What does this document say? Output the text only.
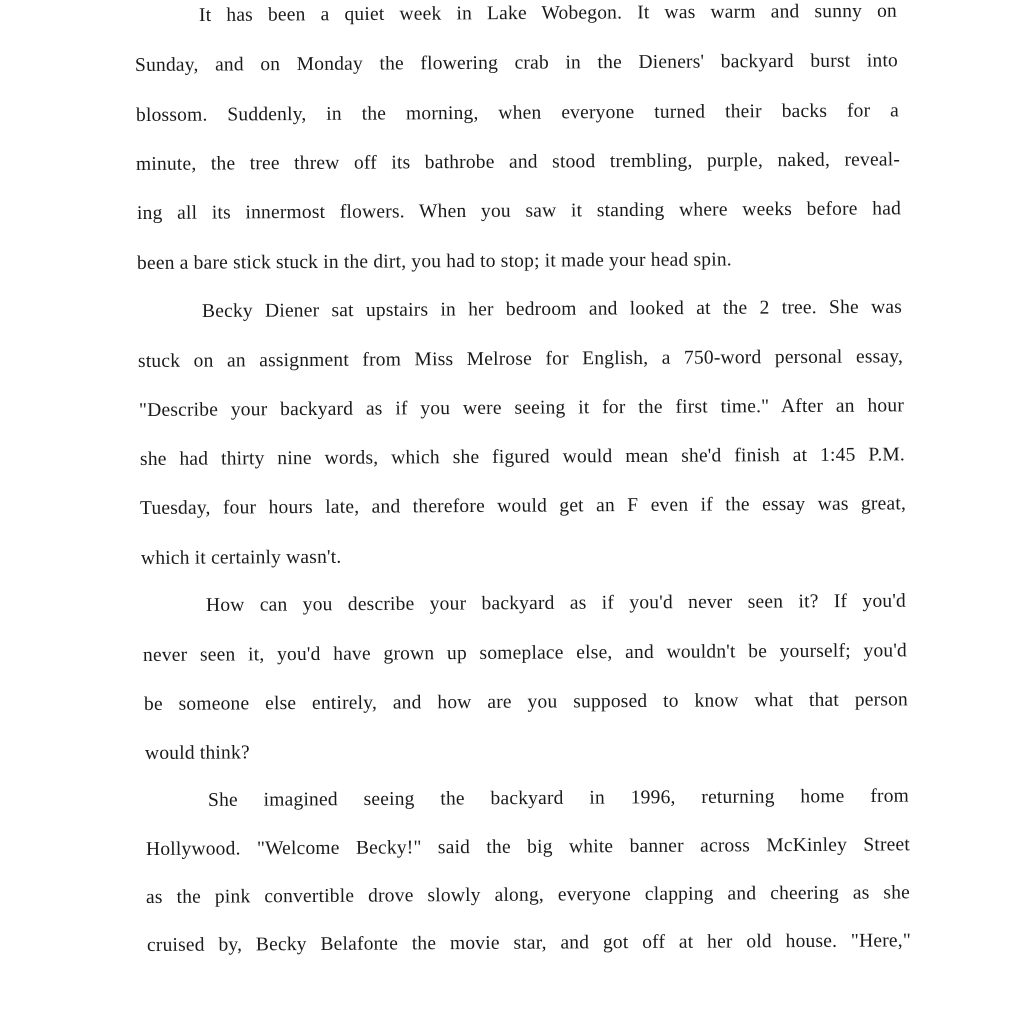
It has been a quiet week in Lake Wobegon. It was warm and sunny on
Sunday, and on Monday the flowering crab in the Dieners' backyard burst into
blossom. Suddenly, in the morning, when everyone turned their backs for a
minute, the tree threw off its bathrobe and stood trembling, purple, naked, reveal-
ing all its innermost flowers. When you saw it standing where weeks before had
been a bare stick stuck in the dirt, you had to stop; it made your head spin.
Becky Diener sat upstairs in her bedroom and looked at the 2 tree. She was
stuck on an assignment from Miss Melrose for English, a 750-word personal essay,
"Describe your backyard as if you were seeing it for the first time." After an hour
she had thirty nine words, which she figured would mean she'd finish at 1:45 P.M.
Tuesday, four hours late, and therefore would get an F even if the essay was great,
which it certainly wasn't.
How can you describe your backyard as if you'd never seen it? If you'd
never seen it, you'd have grown up someplace else, and wouldn't be yourself; you'd
be someone else entirely, and how are you supposed to know what that person
would think?
She imagined seeing the backyard in 1996, returning home from
Hollywood. "Welcome Becky!" said the big white banner across McKinley Street
as the pink convertible drove slowly along, everyone clapping and cheering as she
cruised by, Becky Belafonte the movie star, and got off at her old house. "Here,"
